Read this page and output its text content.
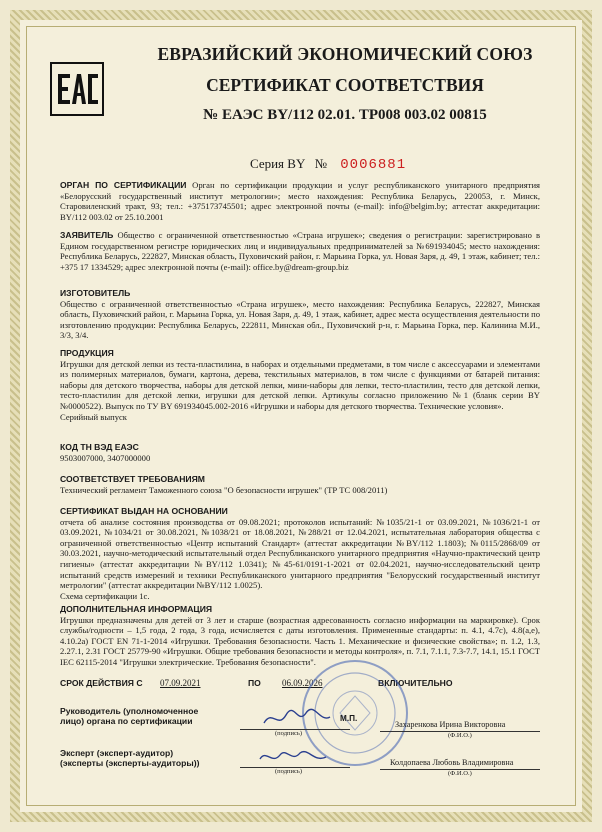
ЕВРАЗИЙСКИЙ ЭКОНОМИЧЕСКИЙ СОЮЗ
СЕРТИФИКАТ СООТВЕТСТВИЯ
№ ЕАЭС BY/112 02.01. ТР008 003.02 00815
Серия BY № 0006881
ОРГАН ПО СЕРТИФИКАЦИИ Орган по сертификации продукции и услуг республиканского унитарного предприятия «Белорусский государственный институт метрологии»; место нахождения: Республика Беларусь, 220053, г. Минск, Старовиленский тракт, 93; тел.: +375173745501; адрес электронной почты (e-mail): info@belgim.by; аттестат аккредитации: BY/112 003.02 от 25.10.2001
ЗАЯВИТЕЛЬ Общество с ограниченной ответственностью «Страна игрушек»; сведения о регистрации: зарегистрировано в Едином государственном регистре юридических лиц и индивидуальных предпринимателей за №691934045; место нахождения: Республика Беларусь, 222827, Минская область, Пуховичский район, г. Марьина Горка, ул. Новая Заря, д. 49, 1 этаж, кабинет; тел.: +375 17 1334529; адрес электронной почты (e-mail): office.by@dream-group.biz
ИЗГОТОВИТЕЛЬ
Общество с ограниченной ответственностью «Страна игрушек», место нахождения: Республика Беларусь, 222827, Минская область, Пуховичский район, г. Марьина Горка, ул. Новая Заря, д. 49, 1 этаж, кабинет, адрес места осуществления деятельности по изготовлению продукции: Республика Беларусь, 222811, Минская обл., Пуховичский р-н, г. Марьина Горка, пер. Калинина М.И., 3/3, 3/4.
ПРОДУКЦИЯ
Игрушки для детской лепки из теста-пластилина, в наборах и отдельными предметами, в том числе с аксессуарами и элементами из полимерных материалов, бумаги, картона, дерева, текстильных материалов, в том числе с функциями от батарей питания: наборы для детского творчества, наборы для детской лепки, мини-наборы для лепки, тесто-пластилин, тесто для детской лепки, тесто-пластилин для детской лепки, игрушки для детской лепки. Артикулы согласно приложению №1 (бланк серии BY №0000522). Выпуск по ТУ BY 691934045.002-2016 «Игрушки и наборы для детского творчества. Технические условия».
Серийный выпуск
КОД ТН ВЭД ЕАЭС
9503007000, 3407000000
СООТВЕТСТВУЕТ ТРЕБОВАНИЯМ
Технический регламент Таможенного союза "О безопасности игрушек" (ТР ТС 008/2011)
СЕРТИФИКАТ ВЫДАН НА ОСНОВАНИИ
отчета об анализе состояния производства от 09.08.2021; протоколов испытаний: №1035/21-1 от 03.09.2021, №1036/21-1 от 03.09.2021, №1034/21 от 30.08.2021, №1038/21 от 18.08.2021, №288/21 от 12.04.2021, испытательная лаборатория общества с ограниченной ответственностью «Центр испытаний Стандарт» (аттестат аккредитации №BY/112 1.1803); №0115/2868/09 от 30.03.2021, научно-методический испытательный отдел Республиканского унитарного предприятия «Научно-практический центр гигиены» (аттестат аккредитации №BY/112 1.0341); №45-61/0191-1-2021 от 02.04.2021, научно-исследовательский центр испытаний средств измерений и техники Республиканского унитарного предприятия "Белорусский государственный институт метрологии" (аттестат аккредитации №BY/112 1.0025).
Схема сертификации 1с.
ДОПОЛНИТЕЛЬНАЯ ИНФОРМАЦИЯ
Игрушки предназначены для детей от 3 лет и старше (возрастная адресованность согласно информации на маркировке). Срок службы/годности – 1,5 года, 2 года, 3 года, исчисляется с даты изготовления. Примененные стандарты: п. 4.1, 4.7c), 4.8(a,e), 4.10.2a) ГОСТ EN 71-1-2014 «Игрушки. Требования безопасности. Часть 1. Механические и физические свойства»; п. 1.2, 1.3, 2.27.1, 2.31 ГОСТ 25779-90 «Игрушки. Общие требования безопасности и методы контроля», п. 7.1, 7.1.1, 7.3-7.7, 14.1, 15.1 ГОСТ IEC 62115-2014 "Игрушки электрические. Требования безопасности".
СРОК ДЕЙСТВИЯ С 07.09.2021	ПО 06.09.2026	ВКЛЮЧИТЕЛЬНО
Руководитель (уполномоченное
лицо) органа по сертификации	М.П.
(подпись)
Захаренкова Ирина Викторовна
(Ф.И.О.)
Эксперт (эксперт-аудитор)
(эксперты (эксперты-аудиторы))
(подпись)
Колдопаева Любовь Владимировна
(Ф.И.О.)
